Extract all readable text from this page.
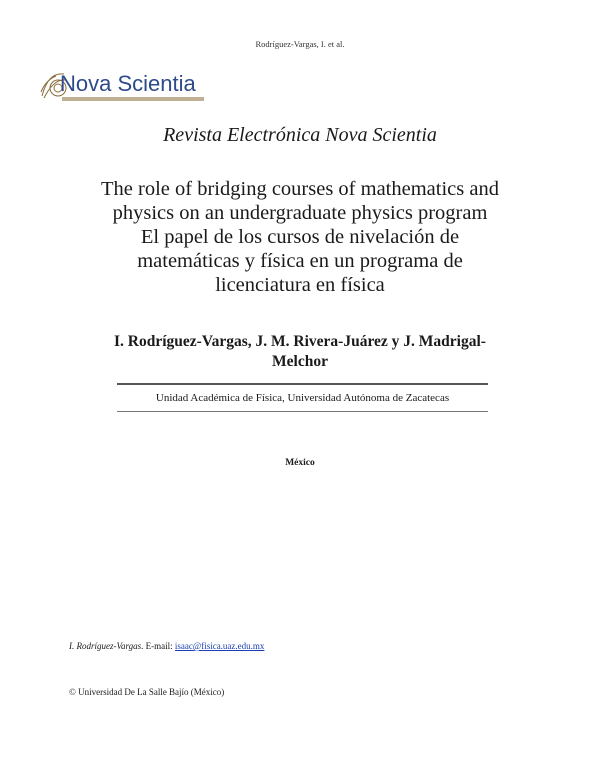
Rodríguez-Vargas, I. et al.
Nova Scientia
Revista Electrónica Nova Scientia
The role of bridging courses of mathematics and
physics on an undergraduate physics program
El papel de los cursos de nivelación de
matemáticas y física en un programa de
licenciatura en física
I. Rodríguez-Vargas, J. M. Rivera-Juárez y J. Madrigal-
Melchor
Unidad Académica de Física, Universidad Autónoma de Zacatecas
México
I. Rodríguez-Vargas. E-mail: isaac@fisica.uaz.edu.mx
© Universidad De La Salle Bajío (México)
